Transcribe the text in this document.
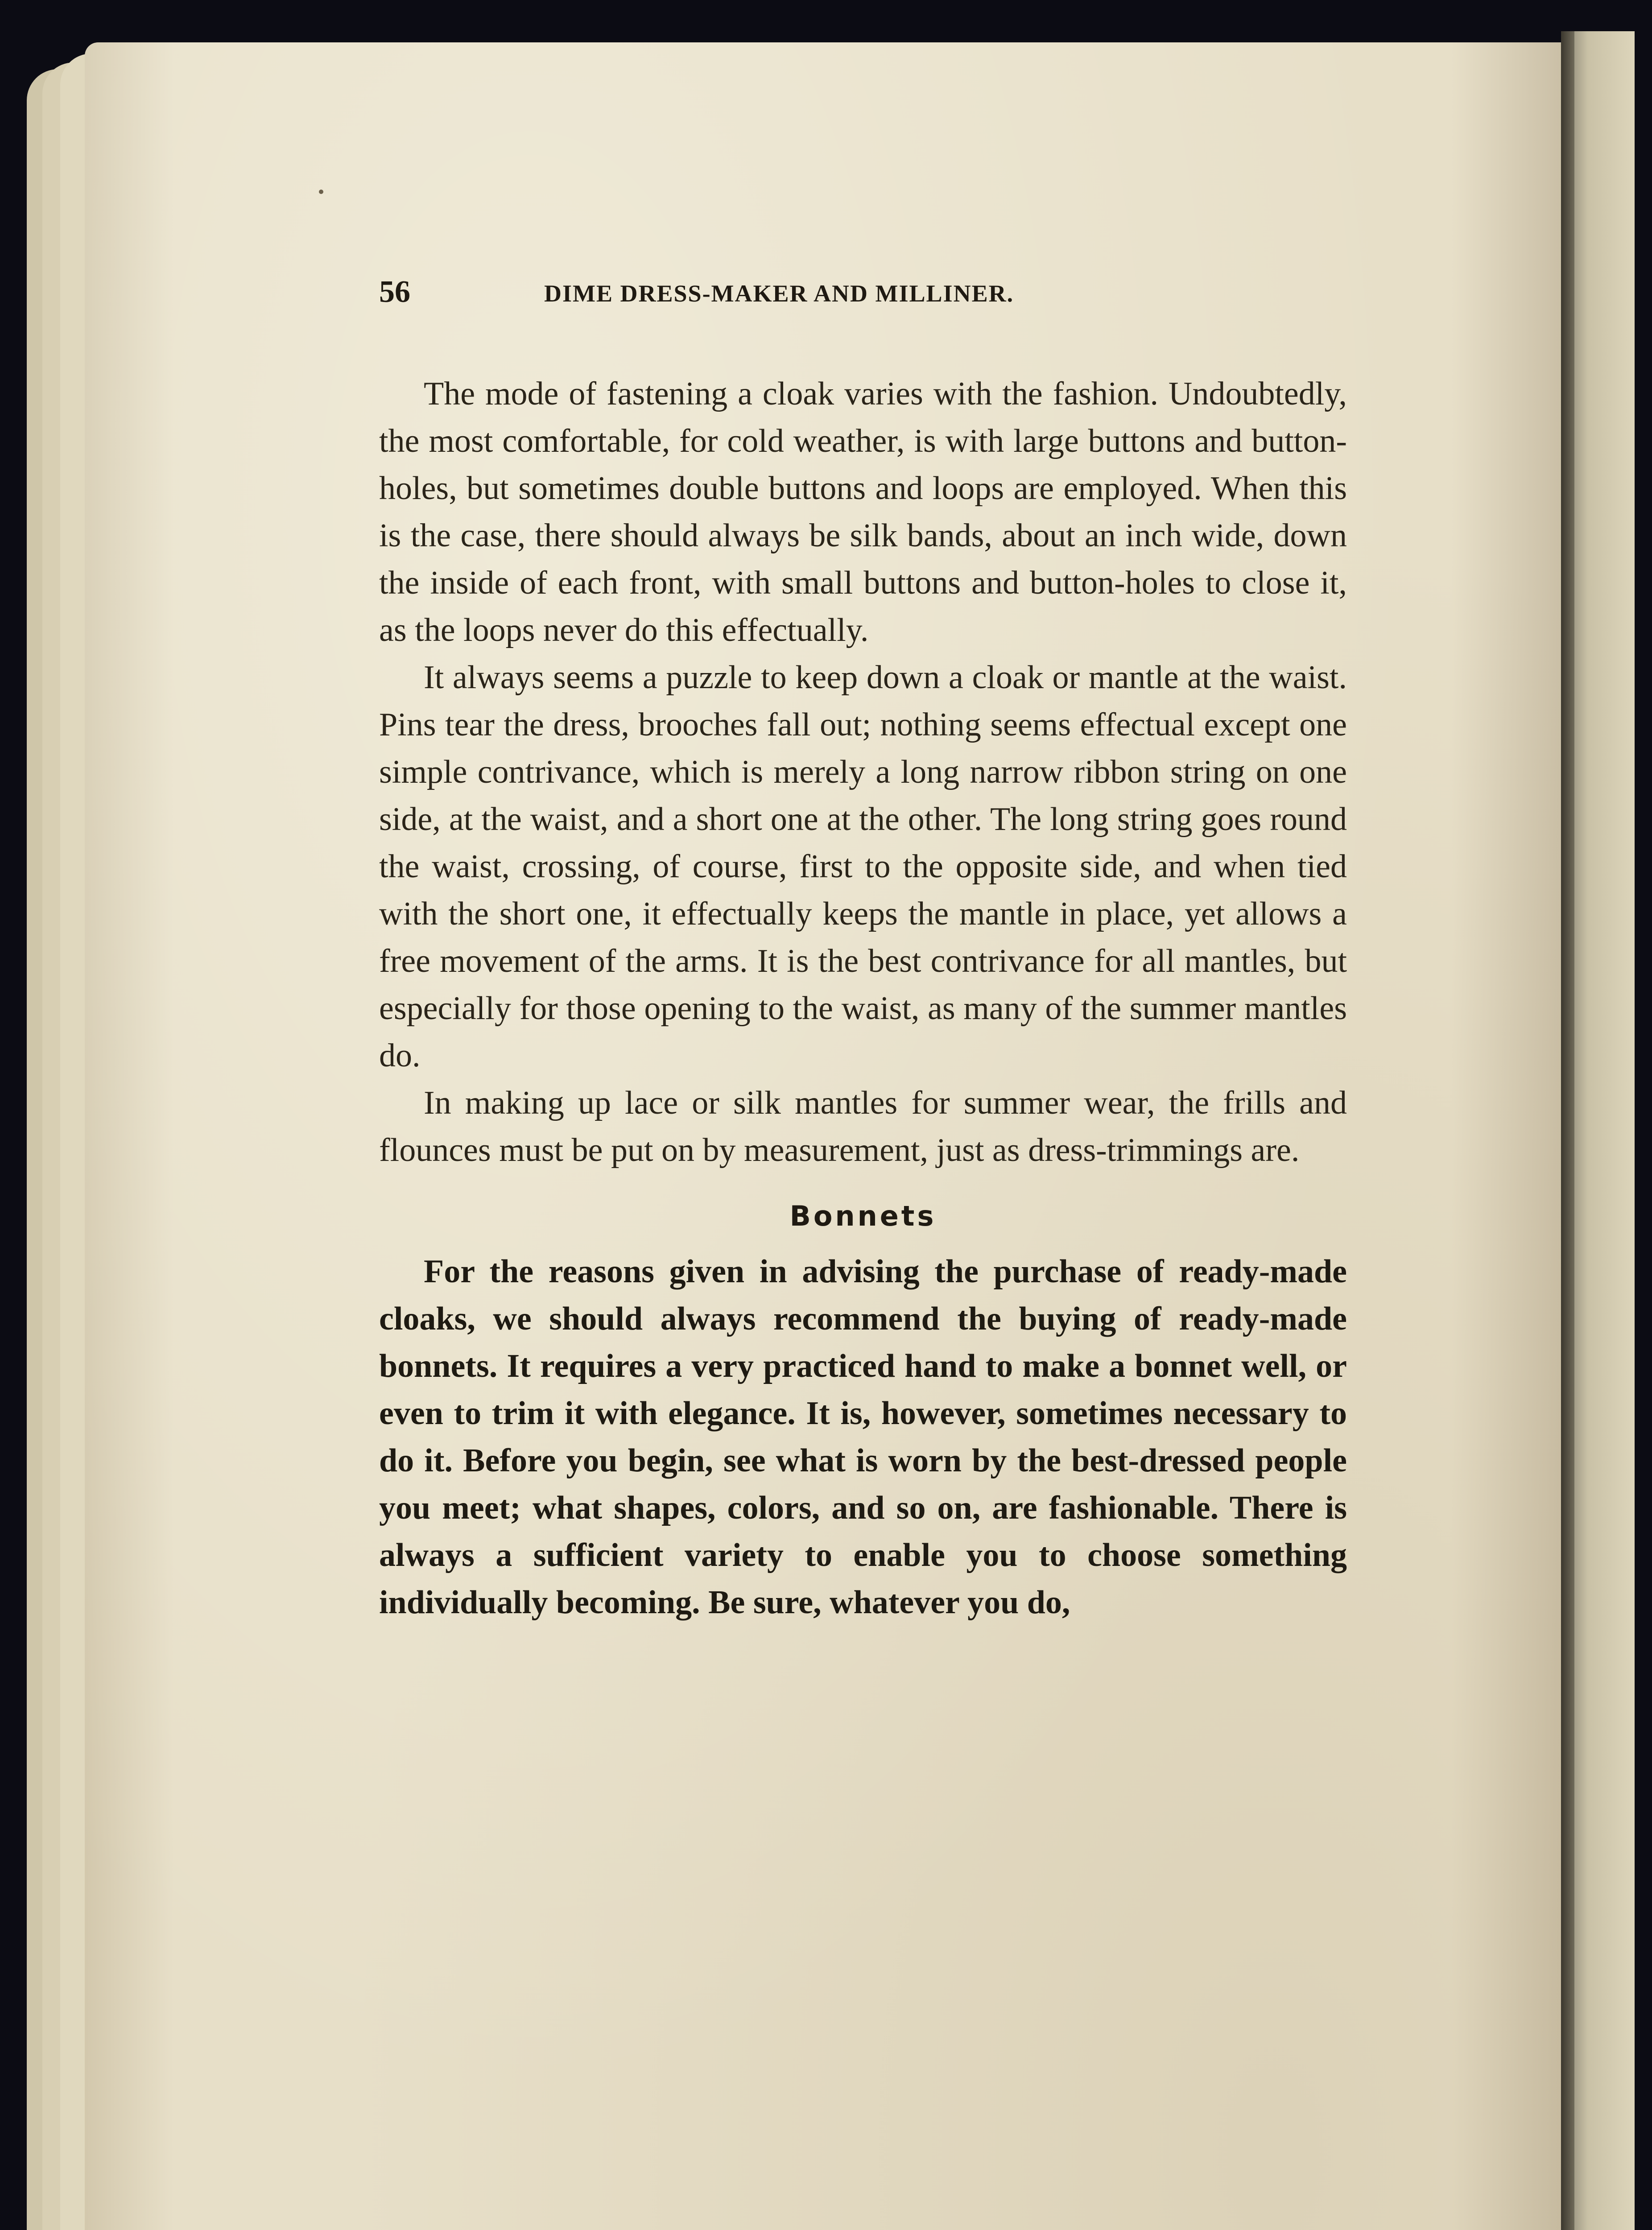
56	DIME DRESS-MAKER AND MILLINER.

The mode of fastening a cloak varies with the fashion. Undoubtedly, the most comfortable, for cold weather, is with large buttons and button-holes, but sometimes double buttons and loops are employed. When this is the case, there should always be silk bands, about an inch wide, down the inside of each front, with small buttons and button-holes to close it, as the loops never do this effectually.

It always seems a puzzle to keep down a cloak or mantle at the waist. Pins tear the dress, brooches fall out; nothing seems effectual except one simple contrivance, which is merely a long narrow ribbon string on one side, at the waist, and a short one at the other. The long string goes round the waist, crossing, of course, first to the opposite side, and when tied with the short one, it effectually keeps the mantle in place, yet allows a free movement of the arms. It is the best contrivance for all mantles, but especially for those opening to the waist, as many of the summer mantles do.

In making up lace or silk mantles for summer wear, the frills and flounces must be put on by measurement, just as dress-trimmings are.

Bonnets

For the reasons given in advising the purchase of ready-made cloaks, we should always recommend the buying of ready-made bonnets. It requires a very practiced hand to make a bonnet well, or even to trim it with elegance. It is, however, sometimes necessary to do it. Before you begin, see what is worn by the best-dressed people you meet; what shapes, colors, and so on, are fashionable. There is always a sufficient variety to enable you to choose something individually becoming. Be sure, whatever you do,
